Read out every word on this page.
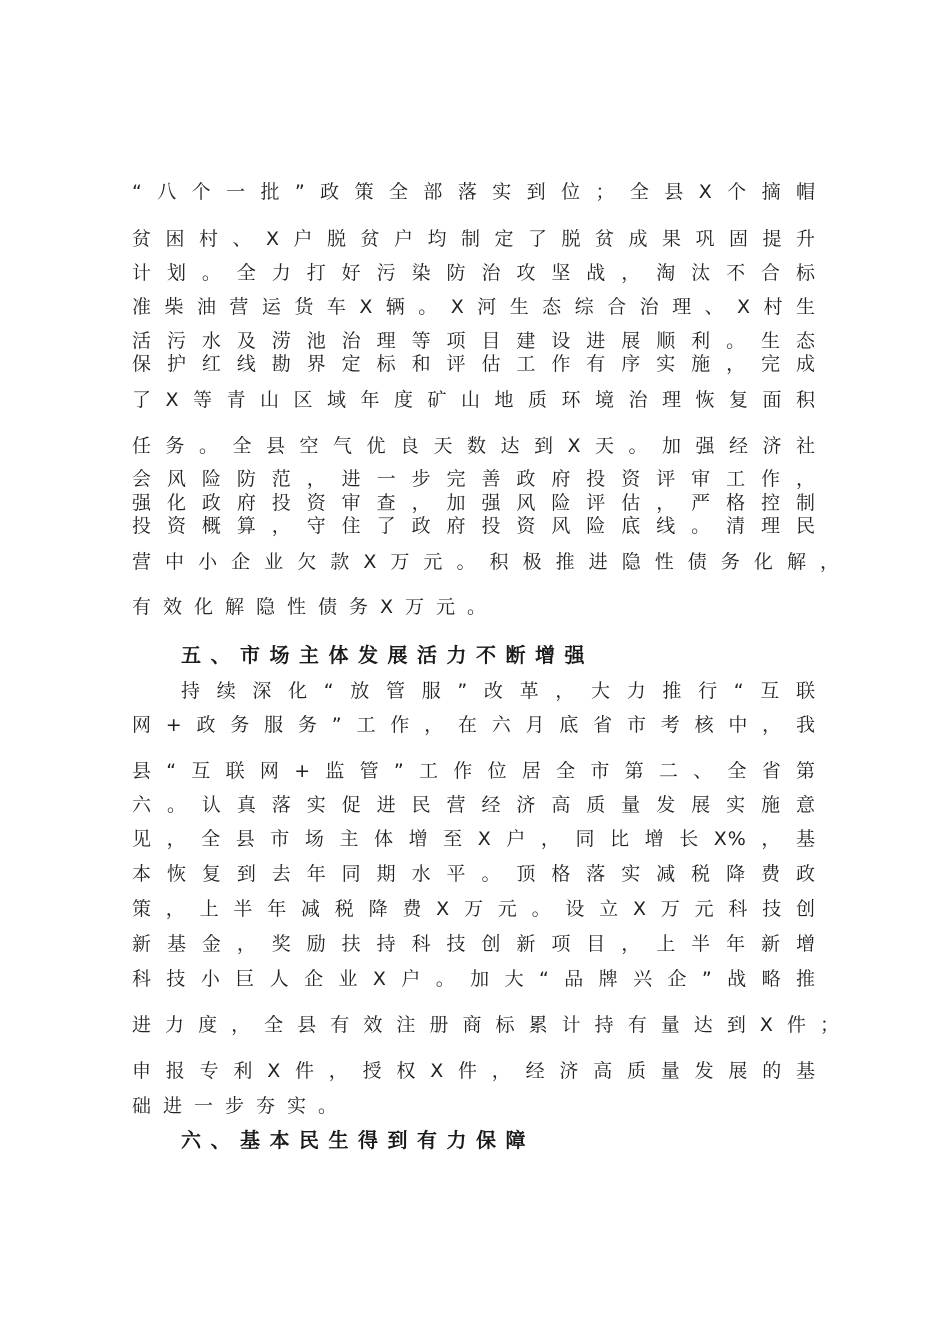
“八个一批”政策全部落实到位；全县X个摘帽

贫困村、X户脱贫户均制定了脱贫成果巩固提升

计划。全力打好污染防治攻坚战，淘汰不合标

准柴油营运货车X辆。X河生态综合治理、X村生

活污水及涝池治理等项目建设进展顺利。生态

保护红线勘界定标和评估工作有序实施，完成

了X等青山区域年度矿山地质环境治理恢复面积

任务。全县空气优良天数达到X天。加强经济社

会风险防范，进一步完善政府投资评审工作，

强化政府投资审查，加强风险评估，严格控制

投资概算，守住了政府投资风险底线。清理民

营中小企业欠款X万元。积极推进隐性债务化解，

有效化解隐性债务X万元。

五、市场主体发展活力不断增强

持续深化“放管服”改革，大力推行“互联

网+政务服务”工作，在六月底省市考核中，我

县“互联网+监管”工作位居全市第二、全省第

六。认真落实促进民营经济高质量发展实施意

见，全县市场主体增至X户，同比增长X%，基

本恢复到去年同期水平。顶格落实减税降费政

策，上半年减税降费X万元。设立X万元科技创

新基金，奖励扶持科技创新项目，上半年新增

科技小巨人企业X户。加大“品牌兴企”战略推

进力度，全县有效注册商标累计持有量达到X件；

申报专利X件，授权X件，经济高质量发展的基

础进一步夯实。

六、基本民生得到有力保障
